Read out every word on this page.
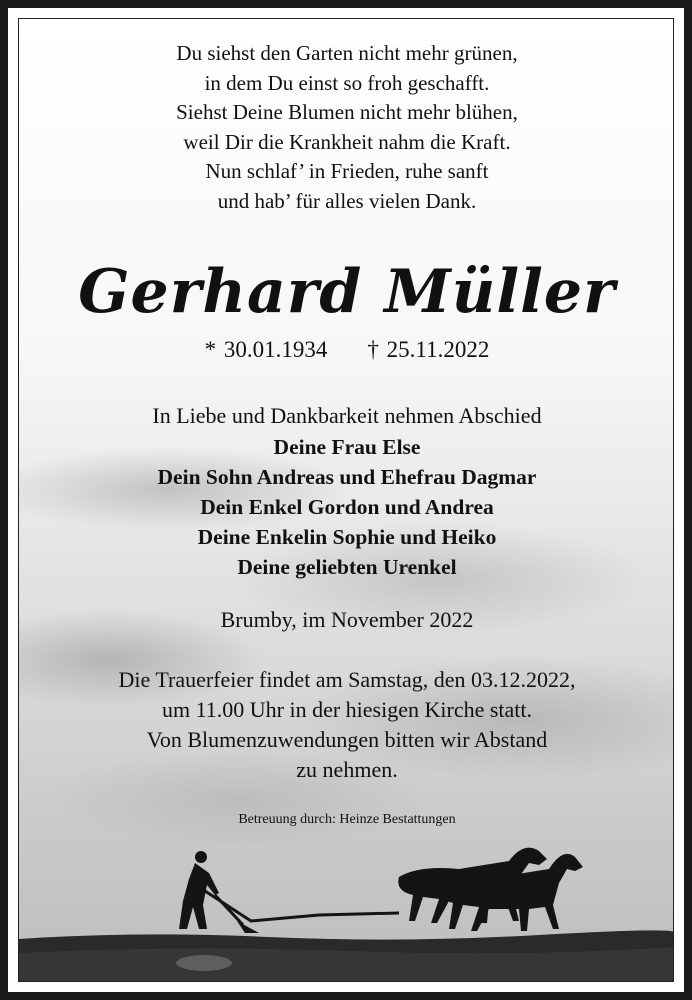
Du siehst den Garten nicht mehr grünen,
in dem Du einst so froh geschafft.
Siehst Deine Blumen nicht mehr blühen,
weil Dir die Krankheit nahm die Kraft.
Nun schlaf’ in Frieden, ruhe sanft
und hab’ für alles vielen Dank.
Gerhard Müller
* 30.01.1934 † 25.11.2022
In Liebe und Dankbarkeit nehmen Abschied
Deine Frau Else
Dein Sohn Andreas und Ehefrau Dagmar
Dein Enkel Gordon und Andrea
Deine Enkelin Sophie und Heiko
Deine geliebten Urenkel
Brumby, im November 2022
Die Trauerfeier findet am Samstag, den 03.12.2022,
um 11.00 Uhr in der hiesigen Kirche statt.
Von Blumenzuwendungen bitten wir Abstand
zu nehmen.
Betreuung durch: Heinze Bestattungen
